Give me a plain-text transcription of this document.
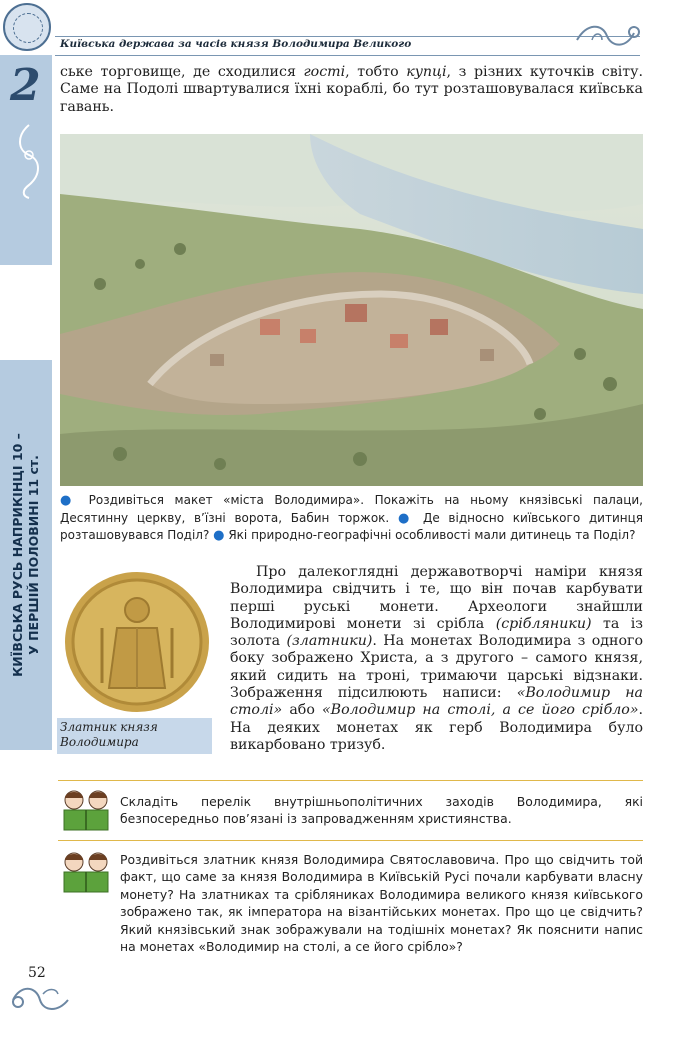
Київська держава за часів князя Володимира Великого
2
КИЇВСЬКА РУСЬ НАПРИКІНЦІ 10 – У ПЕРШІЙ ПОЛОВИНІ 11 ст.
ське торговище, де сходилися гості, тобто купці, з різних куточків світу. Саме на Подолі швартувалися їхні кораблі, бо тут розташовувалася київська гавань.
● Роздивіться макет «міста Володимира». Покажіть на ньому князівські палаци, Десятинну церкву, в’їзні ворота, Бабин торжок. ● Де відносно київського дитинця розташовувався Поділ? ● Які природно-географічні особливості мали дитинець та Поділ?
Златник князя Володимира
Про далекоглядні державотворчі наміри князя Володимира свідчить і те, що він почав карбувати перші руські монети. Археологи знайшли Володимирові монети зі срібла (срібляники) та із золота (златники). На монетах Володимира з одного боку зображено Христа, а з другого – самого князя, який сидить на троні, тримаючи царські відзнаки. Зображення підсилюють написи: «Володимир на столі» або «Володимир на столі, а се його срібло». На деяких монетах як герб Володимира було викарбовано тризуб.
Складіть перелік внутрішньополітичних заходів Володимира, які безпосередньо пов’язані із запровадженням християнства.
Роздивіться златник князя Володимира Святославовича. Про що свідчить той факт, що саме за князя Володимира в Київській Русі почали карбувати власну монету? На златниках та срібляниках Володимира великого князя київського зображено так, як імператора на візантійських монетах. Про що це свідчить? Який князівський знак зображували на тодішніх монетах? Як пояснити напис на монетах «Володимир на столі, а се його срібло»?
52
